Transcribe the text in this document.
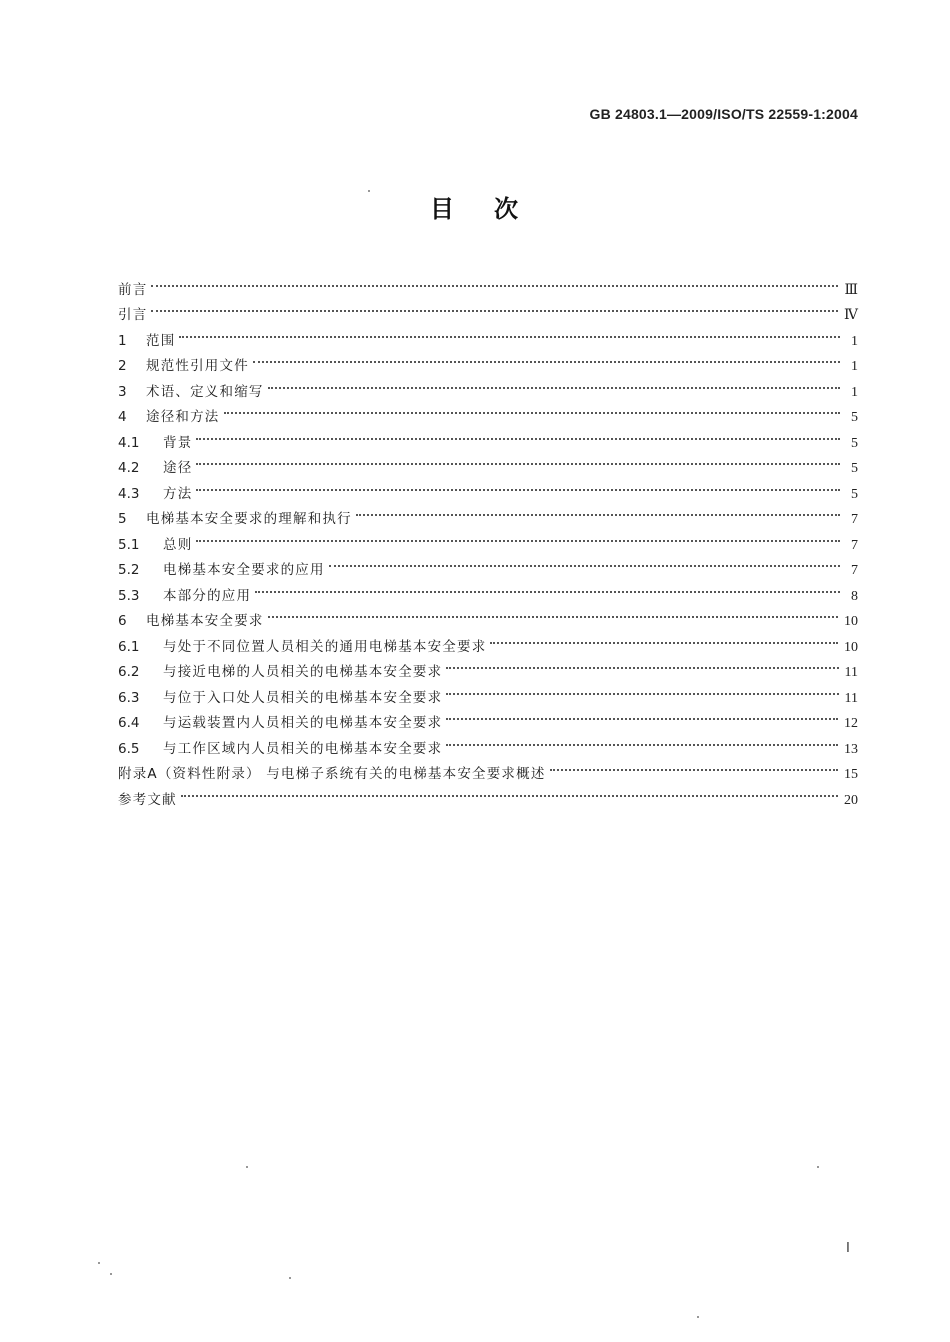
GB 24803.1—2009/ISO/TS 22559-1:2004
目次
前言	Ⅲ
引言	Ⅳ
1	范围	1
2	规范性引用文件	1
3	术语、定义和缩写	1
4	途径和方法	5
4.1	背景	5
4.2	途径	5
4.3	方法	5
5	电梯基本安全要求的理解和执行	7
5.1	总则	7
5.2	电梯基本安全要求的应用	7
5.3	本部分的应用	8
6	电梯基本安全要求	10
6.1	与处于不同位置人员相关的通用电梯基本安全要求	10
6.2	与接近电梯的人员相关的电梯基本安全要求	11
6.3	与位于入口处人员相关的电梯基本安全要求	11
6.4	与运载装置内人员相关的电梯基本安全要求	12
6.5	与工作区域内人员相关的电梯基本安全要求	13
附录A（资料性附录） 与电梯子系统有关的电梯基本安全要求概述	15
参考文献	20
Ⅰ
